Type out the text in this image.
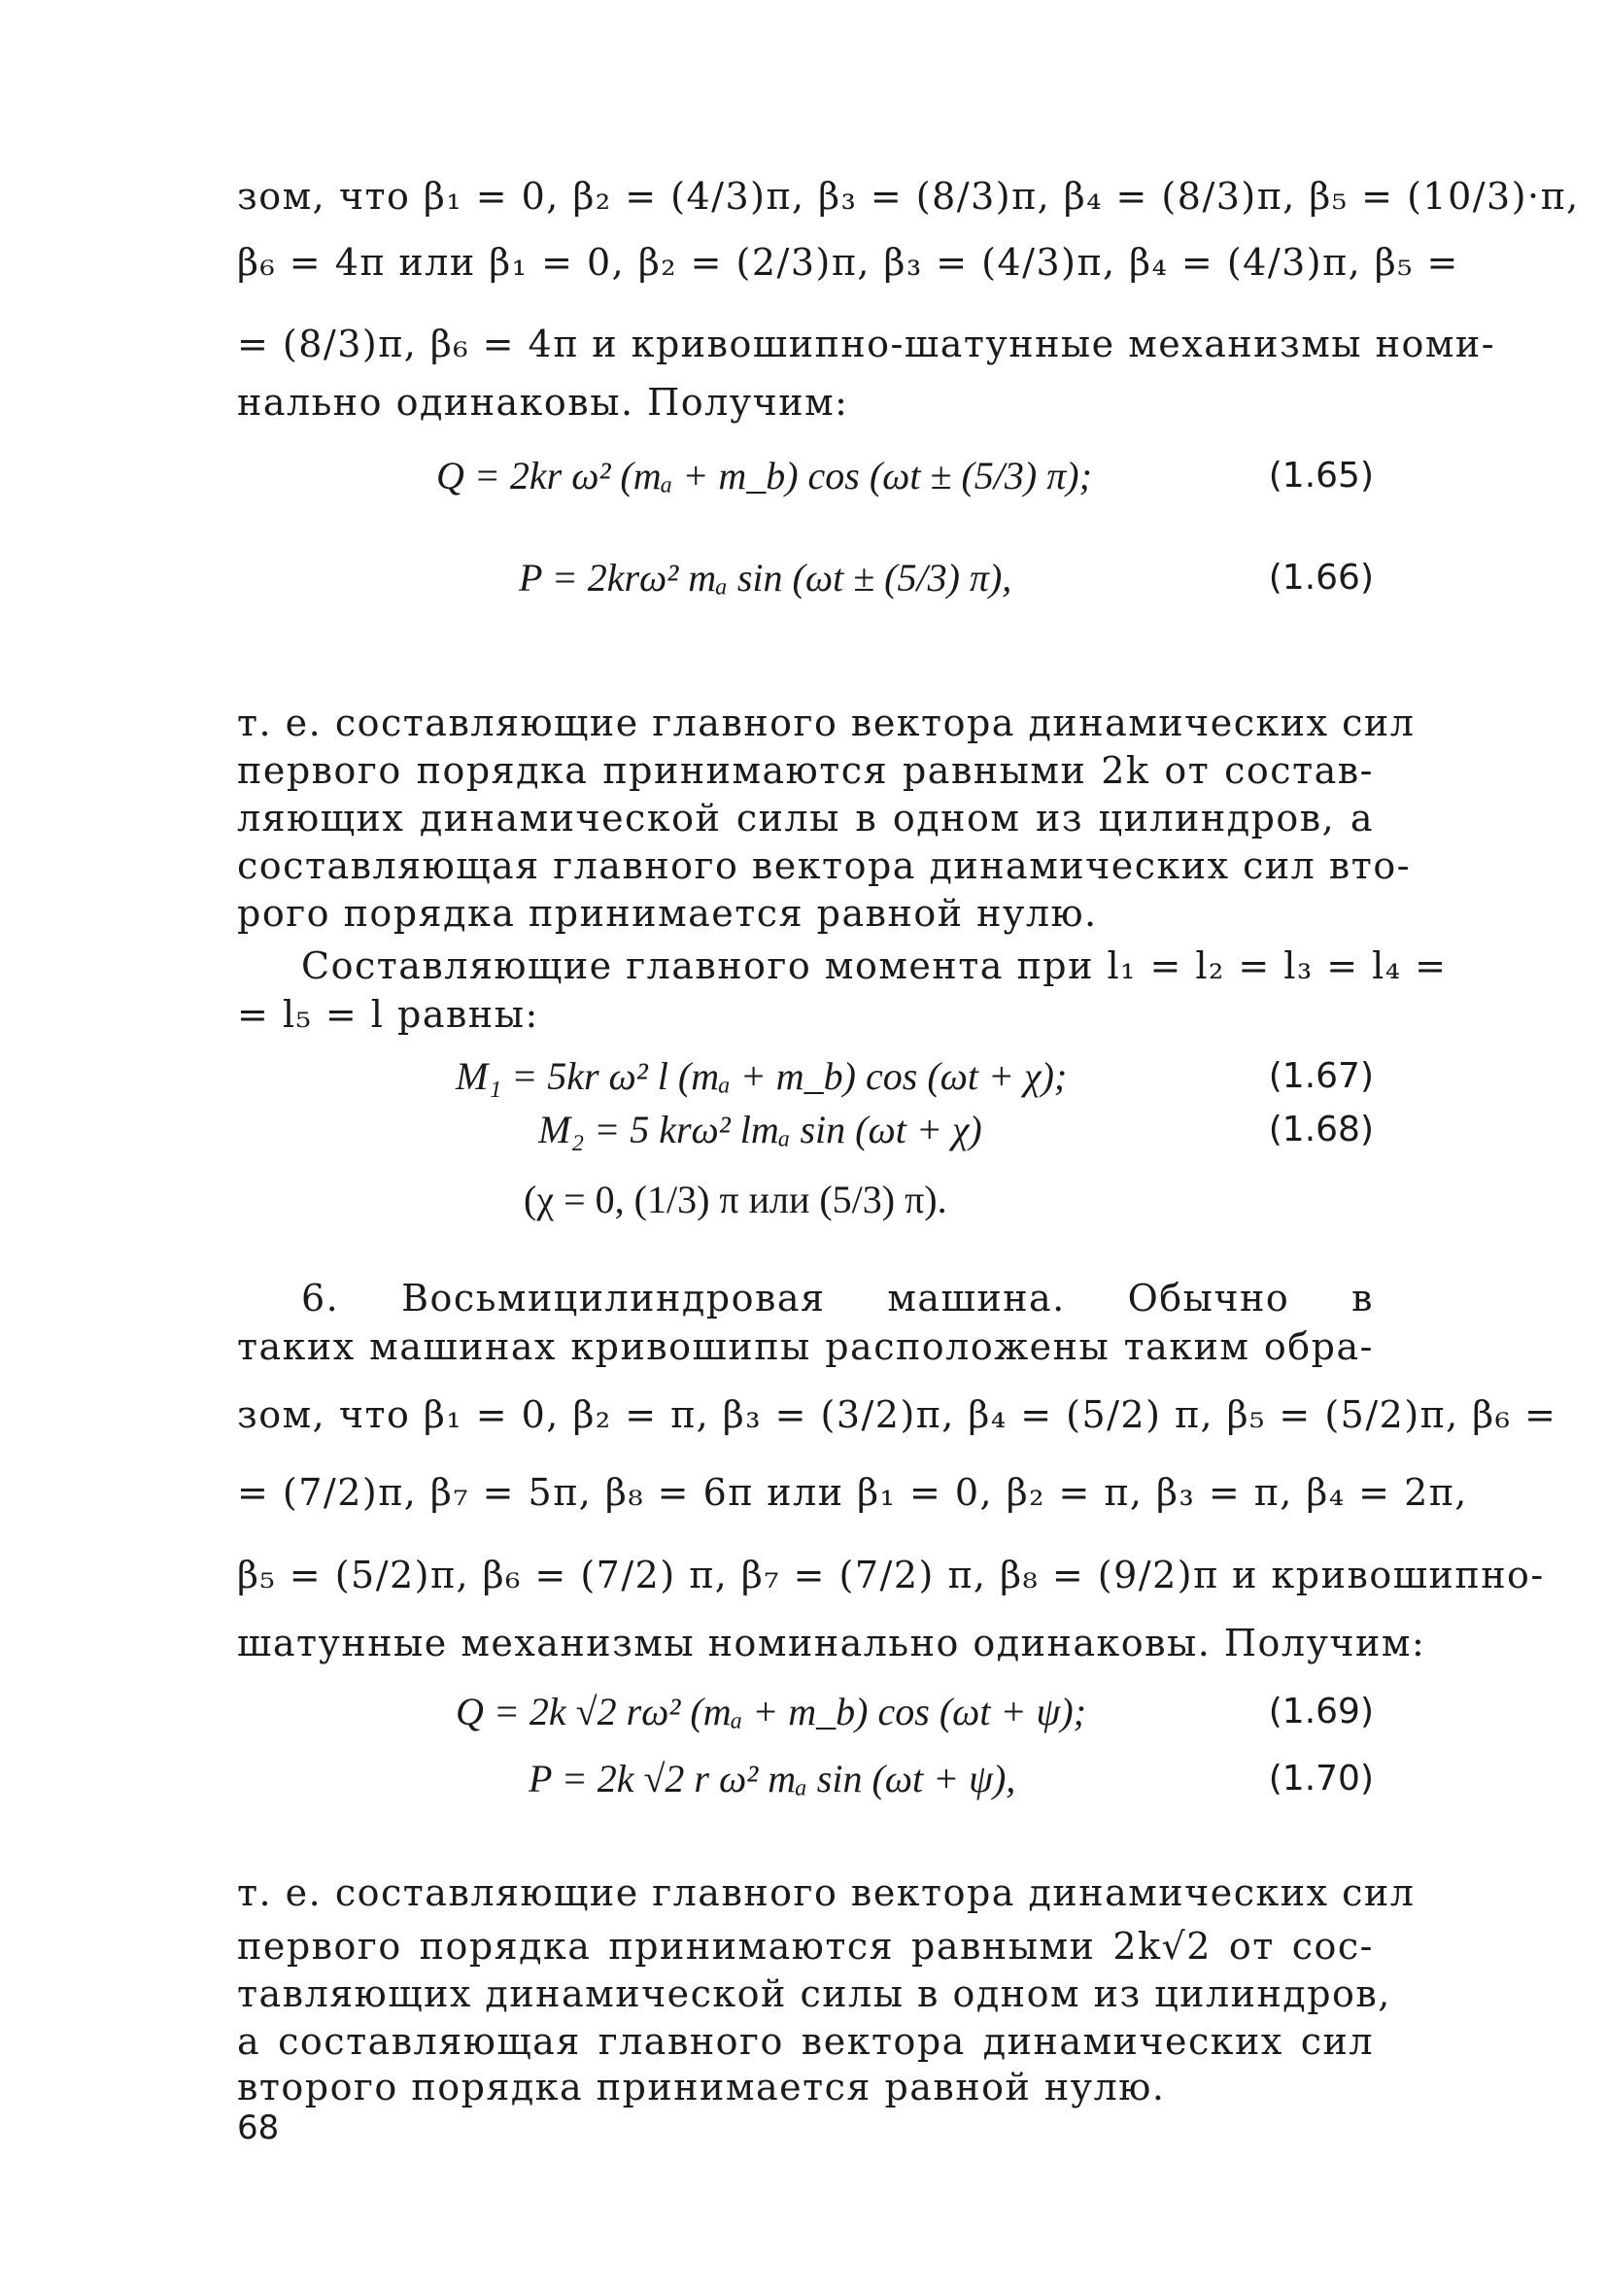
зом, что β₁ = 0, β₂ = (4/3)π, β₃ = (8/3)π, β₄ = (8/3)π, β₅ = (10/3)·π,
β₆ = 4π или β₁ = 0, β₂ = (2/3)π, β₃ = (4/3)π, β₄ = (4/3)π, β₅ =
= (8/3)π, β₆ = 4π и кривошипно-шатунные механизмы номи-
нально одинаковы. Получим:
Q = 2kr ω² (mₐ + m_b) cos (ωt ± (5/3) π);	(1.65)
P = 2krω² mₐ sin (ωt ± (5/3) π),	(1.66)
т. е. составляющие главного вектора динамических сил
первого порядка принимаются равными 2k от состав-
ляющих динамической силы в одном из цилиндров, а
составляющая главного вектора динамических сил вто-
рого порядка принимается равной нулю.
Составляющие главного момента при l₁ = l₂ = l₃ = l₄ =
= l₅ = l равны:
M₁ = 5kr ω² l (mₐ + m_b) cos (ωt + χ);	(1.67)
M₂ = 5 krω² lmₐ sin (ωt + χ)	(1.68)
(χ = 0, (1/3) π или (5/3) π).
6. Восьмицилиндровая машина. Обычно в
таких машинах кривошипы расположены таким обра-
зом, что β₁ = 0, β₂ = π, β₃ = (3/2)π, β₄ = (5/2) π, β₅ = (5/2)π, β₆ =
= (7/2)π, β₇ = 5π, β₈ = 6π или β₁ = 0, β₂ = π, β₃ = π, β₄ = 2π,
β₅ = (5/2)π, β₆ = (7/2) π, β₇ = (7/2) π, β₈ = (9/2)π и кривошипно-
шатунные механизмы номинально одинаковы. Получим:
Q = 2k √2 rω² (mₐ + m_b) cos (ωt + ψ);	(1.69)
P = 2k √2 r ω² mₐ sin (ωt + ψ),	(1.70)
т. е. составляющие главного вектора динамических сил
первого порядка принимаются равными 2k√2 от сос-
тавляющих динамической силы в одном из цилиндров,
а составляющая главного вектора динамических сил
второго порядка принимается равной нулю.
68
